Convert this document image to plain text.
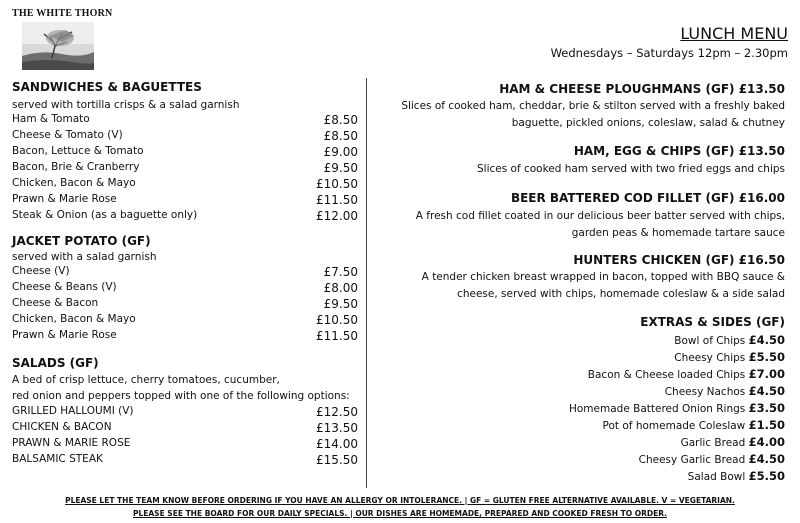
THE WHITE THORN
LUNCH MENU
Wednesdays – Saturdays 12pm – 2.30pm
SANDWICHES & BAGUETTES
served with tortilla crisps & a salad garnish
Ham & Tomato	£8.50
Cheese & Tomato (V)	£8.50
Bacon, Lettuce & Tomato	£9.00
Bacon, Brie & Cranberry	£9.50
Chicken, Bacon & Mayo	£10.50
Prawn & Marie Rose	£11.50
Steak & Onion (as a baguette only)	£12.00
JACKET POTATO (GF)
served with a salad garnish
Cheese (V)	£7.50
Cheese & Beans (V)	£8.00
Cheese & Bacon	£9.50
Chicken, Bacon & Mayo	£10.50
Prawn & Marie Rose	£11.50
SALADS (GF)
A bed of crisp lettuce, cherry tomatoes, cucumber,
red onion and peppers topped with one of the following options:
GRILLED HALLOUMI (V)	£12.50
CHICKEN & BACON	£13.50
PRAWN & MARIE ROSE	£14.00
BALSAMIC STEAK	£15.50
HAM & CHEESE PLOUGHMANS (GF) £13.50
Slices of cooked ham, cheddar, brie & stilton served with a freshly baked
baguette, pickled onions, coleslaw, salad & chutney
HAM, EGG & CHIPS (GF) £13.50
Slices of cooked ham served with two fried eggs and chips
BEER BATTERED COD FILLET (GF) £16.00
A fresh cod fillet coated in our delicious beer batter served with chips,
garden peas & homemade tartare sauce
HUNTERS CHICKEN (GF) £16.50
A tender chicken breast wrapped in bacon, topped with BBQ sauce &
cheese, served with chips, homemade coleslaw & a side salad
EXTRAS & SIDES (GF)
Bowl of Chips £4.50
Cheesy Chips £5.50
Bacon & Cheese loaded Chips £7.00
Cheesy Nachos £4.50
Homemade Battered Onion Rings £3.50
Pot of homemade Coleslaw £1.50
Garlic Bread £4.00
Cheesy Garlic Bread £4.50
Salad Bowl £5.50
PLEASE LET THE TEAM KNOW BEFORE ORDERING IF YOU HAVE AN ALLERGY OR INTOLERANCE. | GF = GLUTEN FREE ALTERNATIVE AVAILABLE. V = VEGETARIAN.
PLEASE SEE THE BOARD FOR OUR DAILY SPECIALS. | OUR DISHES ARE HOMEMADE, PREPARED AND COOKED FRESH TO ORDER.
